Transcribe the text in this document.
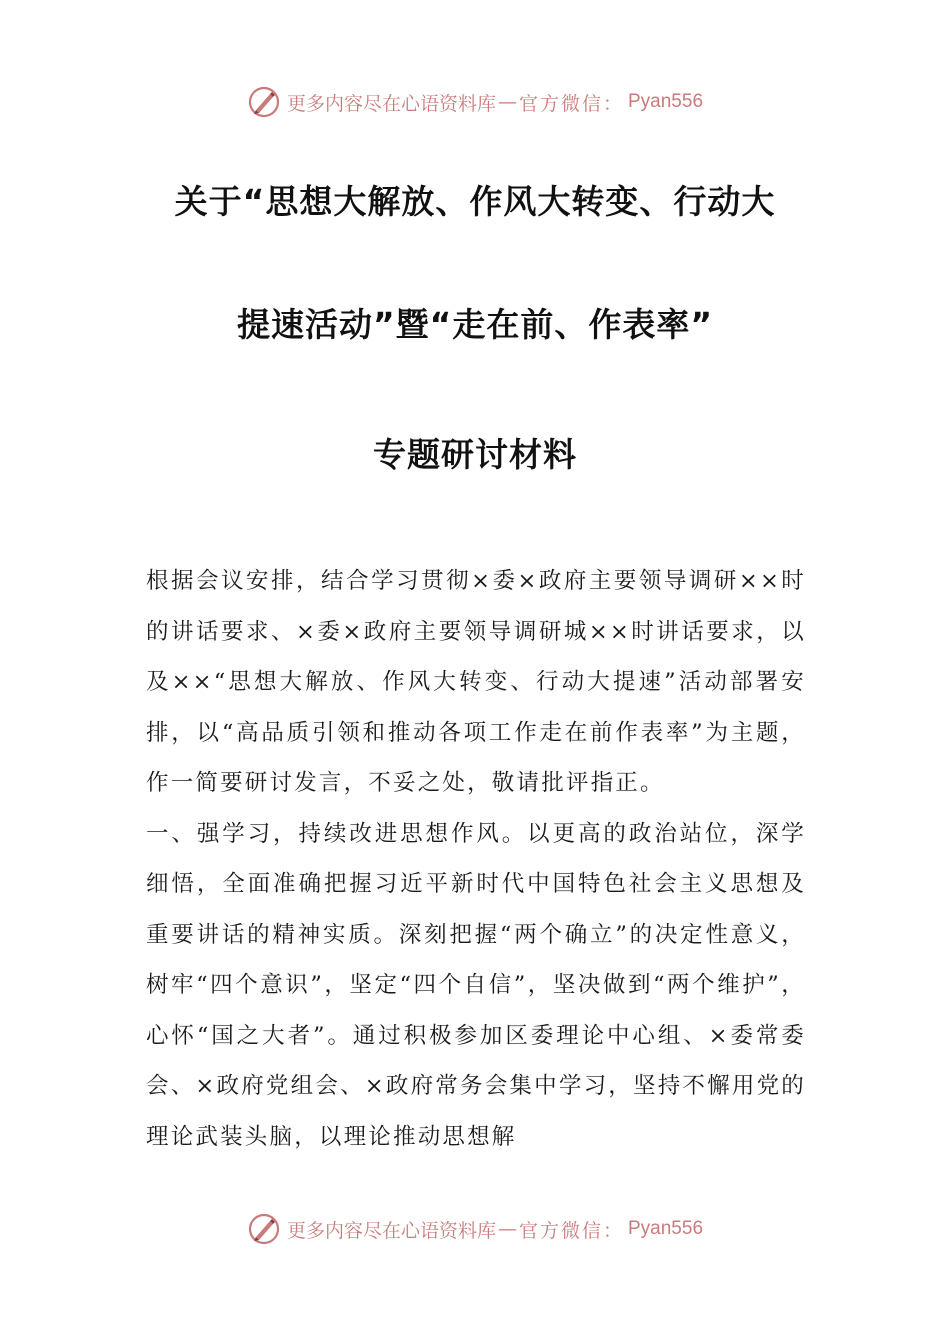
更多内容尽在心语资料库 — 官方微信： Pyan556
关于“思想大解放、作风大转变、行动大
提速活动”暨“走在前、作表率”
专题研讨材料

根据会议安排，结合学习贯彻×委×政府主要领导调研××时的讲话要求、×委×政府主要领导调研城××时讲话要求，以及××“思想大解放、作风大转变、行动大提速”活动部署安排，以“高品质引领和推动各项工作走在前作表率”为主题，作一简要研讨发言，不妥之处，敬请批评指正。

一、强学习，持续改进思想作风。以更高的政治站位，深学细悟，全面准确把握习近平新时代中国特色社会主义思想及重要讲话的精神实质。深刻把握“两个确立”的决定性意义，树牢“四个意识”，坚定“四个自信”，坚决做到“两个维护”，心怀“国之大者”。通过积极参加区委理论中心组、×委常委会、×政府党组会、×政府常务会集中学习，坚持不懈用党的理论武装头脑，以理论推动思想解

更多内容尽在心语资料库 — 官方微信： Pyan556
